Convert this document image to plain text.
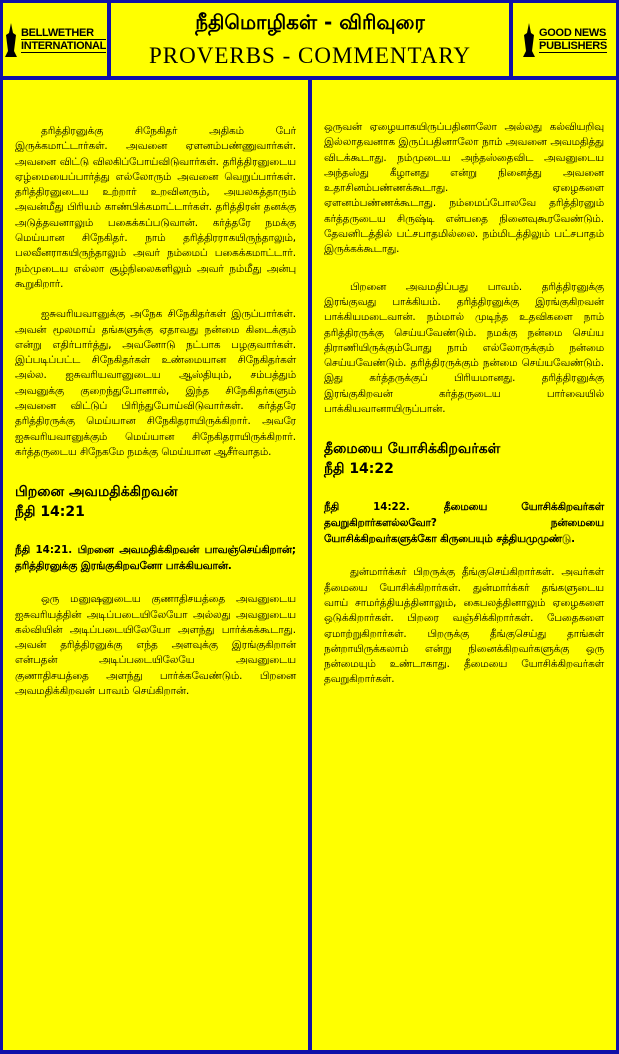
BELLWETHER
INTERNATIONAL
நீதிமொழிகள் - விரிவுரை
PROVERBS - COMMENTARY
GOOD NEWS
PUBLISHERS

தரித்திரனுக்கு சிநேகிதர் அதிகம் பேர் இருக்கமாட்டார்கள். அவனை ஏளனம்பண்ணுவார்கள். அவனை விட்டு விலகிப்போய்விடுவார்கள். தரித்திரனுடைய ஏழ்மையைப்பார்த்து எல்லோரும் அவனை வெறுப்பார்கள். தரித்திரனுடைய உற்றார் உறவினரும், அயலகத்தாரும் அவன்மீது பிரியம் காண்பிக்கமாட்டார்கள். தரித்திரன் தனக்கு அடுத்தவனாலும் பகைக்கப்படுவான். கர்த்தரே நமக்கு மெய்யான சிநேகிதர். நாம் தரித்திரராகயிருந்தாலும், பலவீனராகயிருந்தாலும் அவர் நம்மைப் பகைக்கமாட்டார். நம்முடைய எல்லா சூழ்நிலைகளிலும் அவர் நம்மீது அன்பு கூறுகிறார்.

ஐசுவரியவானுக்கு அநேக சிநேகிதர்கள் இருப்பார்கள். அவன் மூலமாய் தங்களுக்கு ஏதாவது நன்மை கிடைக்கும் என்று எதிர்பார்த்து, அவனோடு நட்பாக பழகுவார்கள். இப்படிப்பட்ட சிநேகிதர்கள் உண்மையான சிநேகிதர்கள் அல்ல. ஐசுவரியவானுடைய ஆஸ்தியும், சம்பத்தும் அவனுக்கு குறைந்துபோனால், இந்த சிநேகிதர்களும் அவனை விட்டுப் பிரிந்துபோய்விடுவார்கள். கர்த்தரே தரித்திரருக்கு மெய்யான சிநேகிதராயிருக்கிறார். அவரே ஐசுவரியவானுக்கும் மெய்யான சிநேகிதராயிருக்கிறார். கர்த்தருடைய சிநேகமே நமக்கு மெய்யான ஆசீர்வாதம்.

பிறனை அவமதிக்கிறவன்
நீதி 14:21

நீதி 14:21. பிறனை அவமதிக்கிறவன் பாவஞ்செய்கிறான்; தரித்திரனுக்கு இரங்குகிறவனோ பாக்கியவான்.

ஒரு மனுஷனுடைய குணாதிசயத்தை அவனுடைய ஐசுவரியத்தின் அடிப்படையிலேயோ அல்லது அவனுடைய கல்வியின் அடிப்படையிலேயோ அளந்து பார்க்கக்கூடாது. அவன் தரித்திரனுக்கு எந்த அளவுக்கு இரங்குகிறான் என்பதன் அடிப்படையிலேயே அவனுடைய குணாதிசயத்தை அளந்து பார்க்கவேண்டும். பிறனை அவமதிக்கிறவன் பாவம் செய்கிறான்.

ஒருவன் ஏழையாகயிருப்பதினாலோ அல்லது கல்வியறிவு இல்லாதவனாக இருப்பதினாலோ நாம் அவனை அவமதித்து விடக்கூடாது. நம்முடைய அந்தஸ்தைவிட அவனுடைய அந்தஸ்து கீழானது என்று நினைத்து அவனை உதாசினம்பண்ணக்கூடாது. ஏழைகளை ஏளனம்பண்ணக்கூடாது. நம்மைப்போலவே தரித்திரனும் கர்த்தருடைய சிருஷ்டி என்பதை நினைவுகூரவேண்டும். தேவனிடத்தில் பட்சபாதமில்லை. நம்மிடத்திலும் பட்சபாதம் இருக்கக்கூடாது.

பிறனை அவமதிப்பது பாவம். தரித்திரனுக்கு இரங்குவது பாக்கியம். தரித்திரனுக்கு இரங்குகிறவன் பாக்கியமடைவான். நம்மால் முடிந்த உதவிகளை நாம் தரித்திரருக்கு செய்யவேண்டும். நமக்கு நன்மை செய்ய திராணியிருக்கும்போது நாம் எல்லோருக்கும் நன்மை செய்யவேண்டும். தரித்திரருக்கும் நன்மை செய்யவேண்டும். இது கர்த்தருக்குப் பிரியமானது. தரித்திரனுக்கு இரங்குகிறவன் கர்த்தருடைய பார்வையில் பாக்கியவானாயிருப்பான்.

தீமையை யோசிக்கிறவர்கள்
நீதி 14:22

நீதி 14:22. தீமையை யோசிக்கிறவர்கள் தவறுகிறார்களல்லவோ? நன்மையை யோசிக்கிறவர்களுக்கோ கிருபையும் சத்தியமுமுண்டு.

துன்மார்க்கர் பிறருக்கு தீங்குசெய்கிறார்கள். அவர்கள் தீமையை யோசிக்கிறார்கள். துன்மார்க்கர் தங்களுடைய வாய் சாமர்த்தியத்தினாலும், கைபலத்தினாலும் ஏழைகளை ஒடுக்கிறார்கள். பிறரை வஞ்சிக்கிறார்கள். பேதைகளை ஏமாற்றுகிறார்கள். பிறருக்கு தீங்குசெய்து தாங்கள் நன்றாயிருக்கலாம் என்று நினைக்கிறவர்களுக்கு ஒரு நன்மையும் உண்டாகாது. தீமையை யோசிக்கிறவர்கள் தவறுகிறார்கள்.
